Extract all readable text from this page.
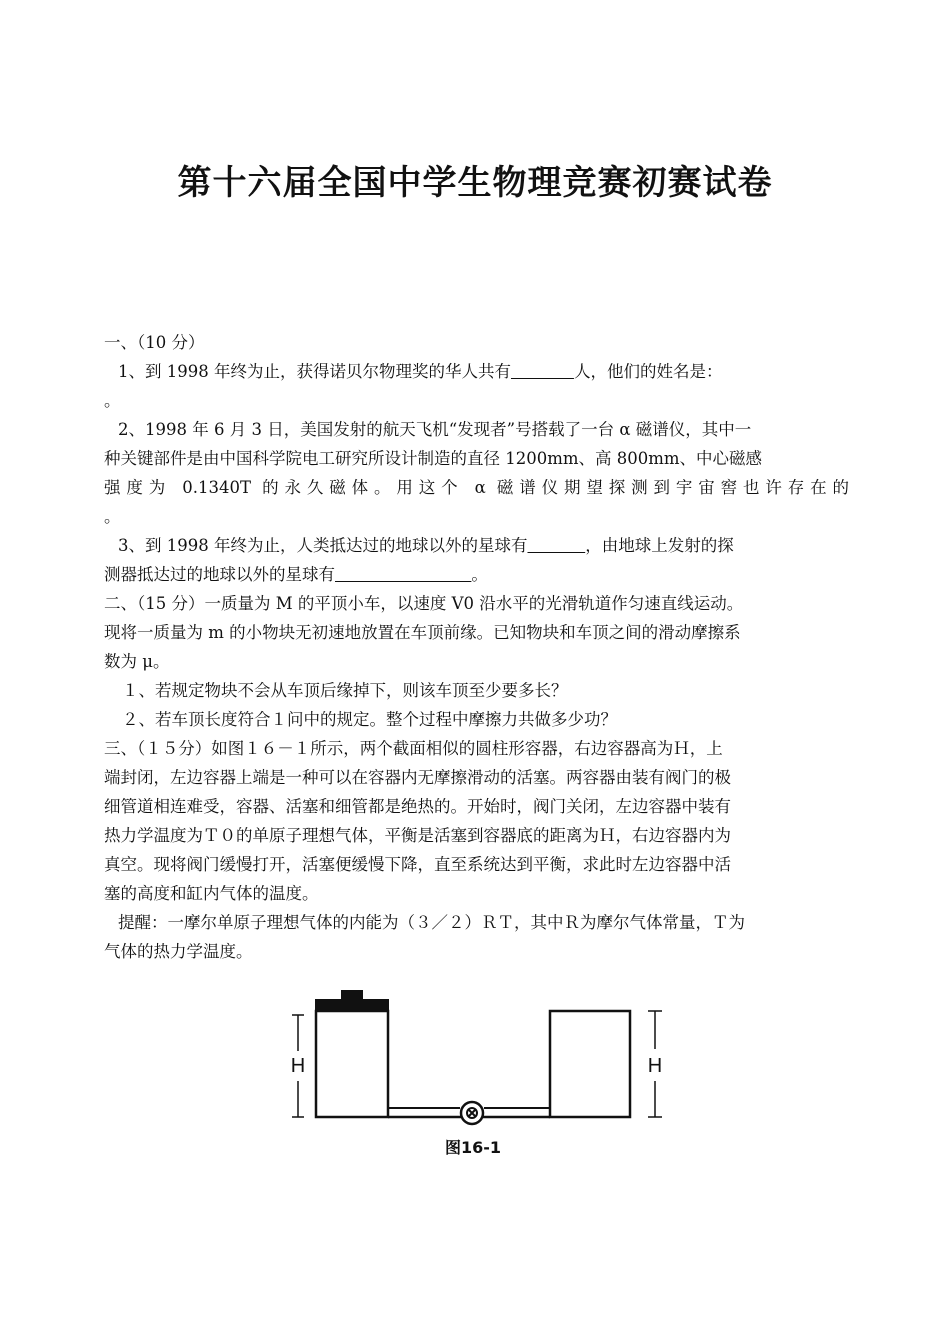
第十六届全国中学生物理竞赛初赛试卷

一、（10 分）

1、到 1998 年终为止，获得诺贝尔物理奖的华人共有	人，他们的姓名是：

。

2、1998 年 6 月 3 日，美国发射的航天飞机“发现者”号搭载了一台 α 磁谱仪，其中一

种关键部件是由中国科学院电工研究所设计制造的直径 1200mm、高 800mm、中心磁感

强度为 0.1340T 的永久磁体。用这个 α 磁谱仪期望探测到宇宙窖也许存在的

。

3、到 1998 年终为止，人类抵达过的地球以外的星球有	，由地球上发射的探

测器抵达过的地球以外的星球有	。

二、（15 分）一质量为 M 的平顶小车，以速度 V0 沿水平的光滑轨道作匀速直线运动。

现将一质量为 m 的小物块无初速地放置在车顶前缘。已知物块和车顶之间的滑动摩擦系

数为 μ。

１、若规定物块不会从车顶后缘掉下，则该车顶至少要多长？

２、若车顶长度符合１问中的规定。整个过程中摩擦力共做多少功？

三、（１５分）如图１６－１所示，两个截面相似的圆柱形容器，右边容器高为Ｈ，上

端封闭，左边容器上端是一种可以在容器内无摩擦滑动的活塞。两容器由装有阀门的极

细管道相连难受，容器、活塞和细管都是绝热的。开始时，阀门关闭，左边容器中装有

热力学温度为Ｔ０的单原子理想气体，平衡是活塞到容器底的距离为Ｈ，右边容器内为

真空。现将阀门缓慢打开，活塞便缓慢下降，直至系统达到平衡，求此时左边容器中活

塞的高度和缸内气体的温度。

提醒：一摩尔单原子理想气体的内能为（３／２）ＲＴ，其中Ｒ为摩尔气体常量，Ｔ为

气体的热力学温度。

H	H
图16-1
